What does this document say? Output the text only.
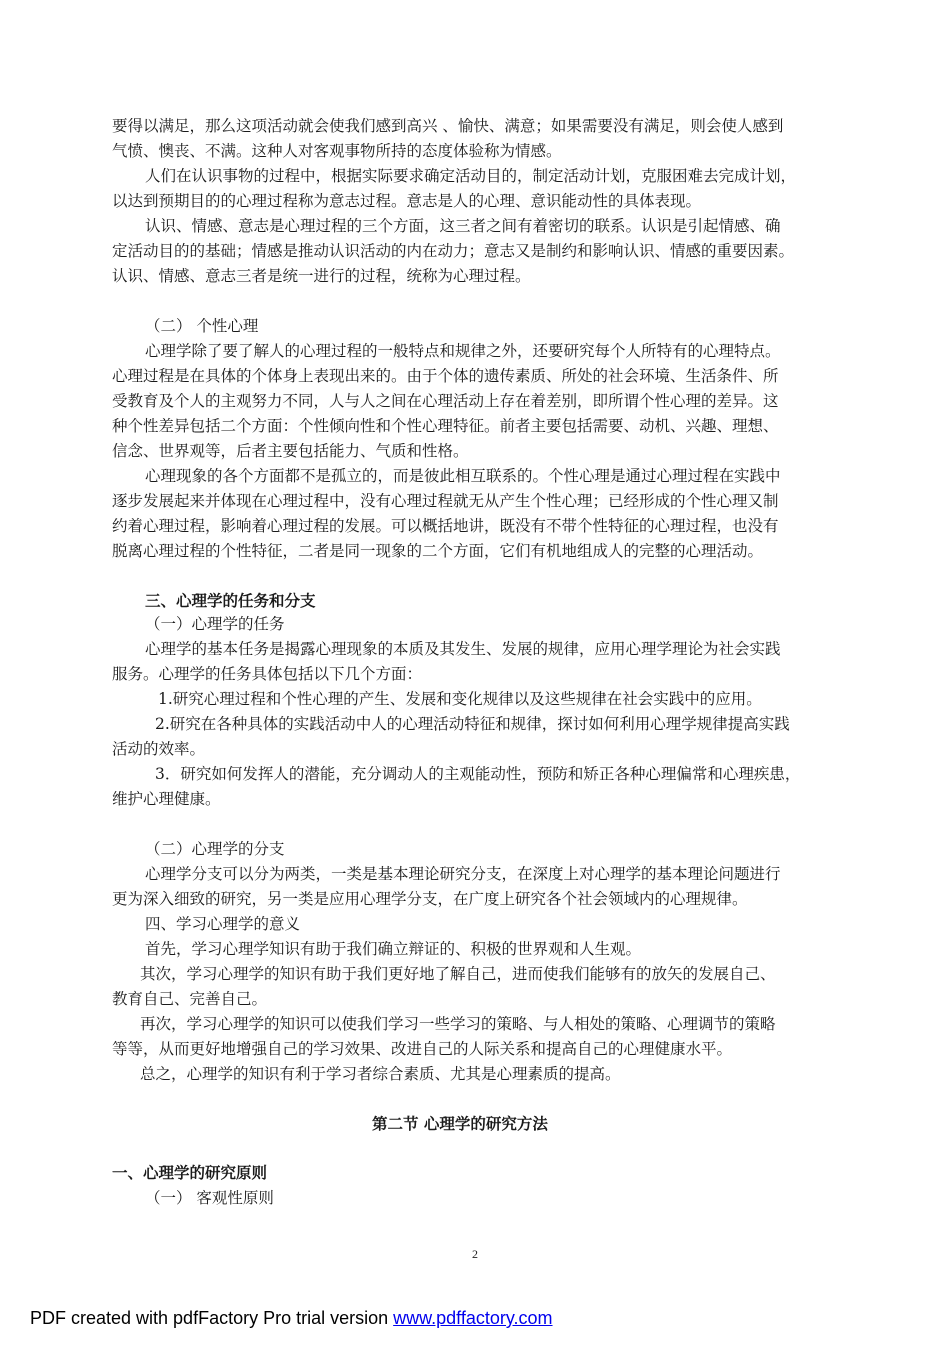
要得以满足，那么这项活动就会使我们感到高兴 、愉快、满意；如果需要没有满足，则会使人感到
气愤、懊丧、不满。这种人对客观事物所持的态度体验称为情感。
人们在认识事物的过程中，根据实际要求确定活动目的，制定活动计划，克服困难去完成计划，
以达到预期目的的心理过程称为意志过程。意志是人的心理、意识能动性的具体表现。
认识、情感、意志是心理过程的三个方面，这三者之间有着密切的联系。认识是引起情感、确
定活动目的的基础；情感是推动认识活动的内在动力；意志又是制约和影响认识、情感的重要因素。
认识、情感、意志三者是统一进行的过程，统称为心理过程。
（二） 个性心理
心理学除了要了解人的心理过程的一般特点和规律之外，还要研究每个人所特有的心理特点。
心理过程是在具体的个体身上表现出来的。由于个体的遗传素质、所处的社会环境、生活条件、所
受教育及个人的主观努力不同，人与人之间在心理活动上存在着差别，即所谓个性心理的差异。这
种个性差异包括二个方面：个性倾向性和个性心理特征。前者主要包括需要、动机、兴趣、理想、
信念、世界观等，后者主要包括能力、气质和性格。
心理现象的各个方面都不是孤立的，而是彼此相互联系的。个性心理是通过心理过程在实践中
逐步发展起来并体现在心理过程中，没有心理过程就无从产生个性心理；已经形成的个性心理又制
约着心理过程，影响着心理过程的发展。可以概括地讲，既没有不带个性特征的心理过程，也没有
脱离心理过程的个性特征，二者是同一现象的二个方面，它们有机地组成人的完整的心理活动。
三、心理学的任务和分支
（一）心理学的任务
心理学的基本任务是揭露心理现象的本质及其发生、发展的规律，应用心理学理论为社会实践
服务。心理学的任务具体包括以下几个方面：
1.研究心理过程和个性心理的产生、发展和变化规律以及这些规律在社会实践中的应用。
2.研究在各种具体的实践活动中人的心理活动特征和规律，探讨如何利用心理学规律提高实践
活动的效率。
3．研究如何发挥人的潜能，充分调动人的主观能动性，预防和矫正各种心理偏常和心理疾患，
维护心理健康。
（二）心理学的分支
心理学分支可以分为两类，一类是基本理论研究分支，在深度上对心理学的基本理论问题进行
更为深入细致的研究，另一类是应用心理学分支，在广度上研究各个社会领域内的心理规律。
四、学习心理学的意义
首先，学习心理学知识有助于我们确立辩证的、积极的世界观和人生观。
其次，学习心理学的知识有助于我们更好地了解自己，进而使我们能够有的放矢的发展自己、
教育自己、完善自己。
再次，学习心理学的知识可以使我们学习一些学习的策略、与人相处的策略、心理调节的策略
等等，从而更好地增强自己的学习效果、改进自己的人际关系和提高自己的心理健康水平。
总之，心理学的知识有利于学习者综合素质、尤其是心理素质的提高。
第二节 心理学的研究方法
一、心理学的研究原则
（一） 客观性原则
2
PDF created with pdfFactory Pro trial version www.pdffactory.com
